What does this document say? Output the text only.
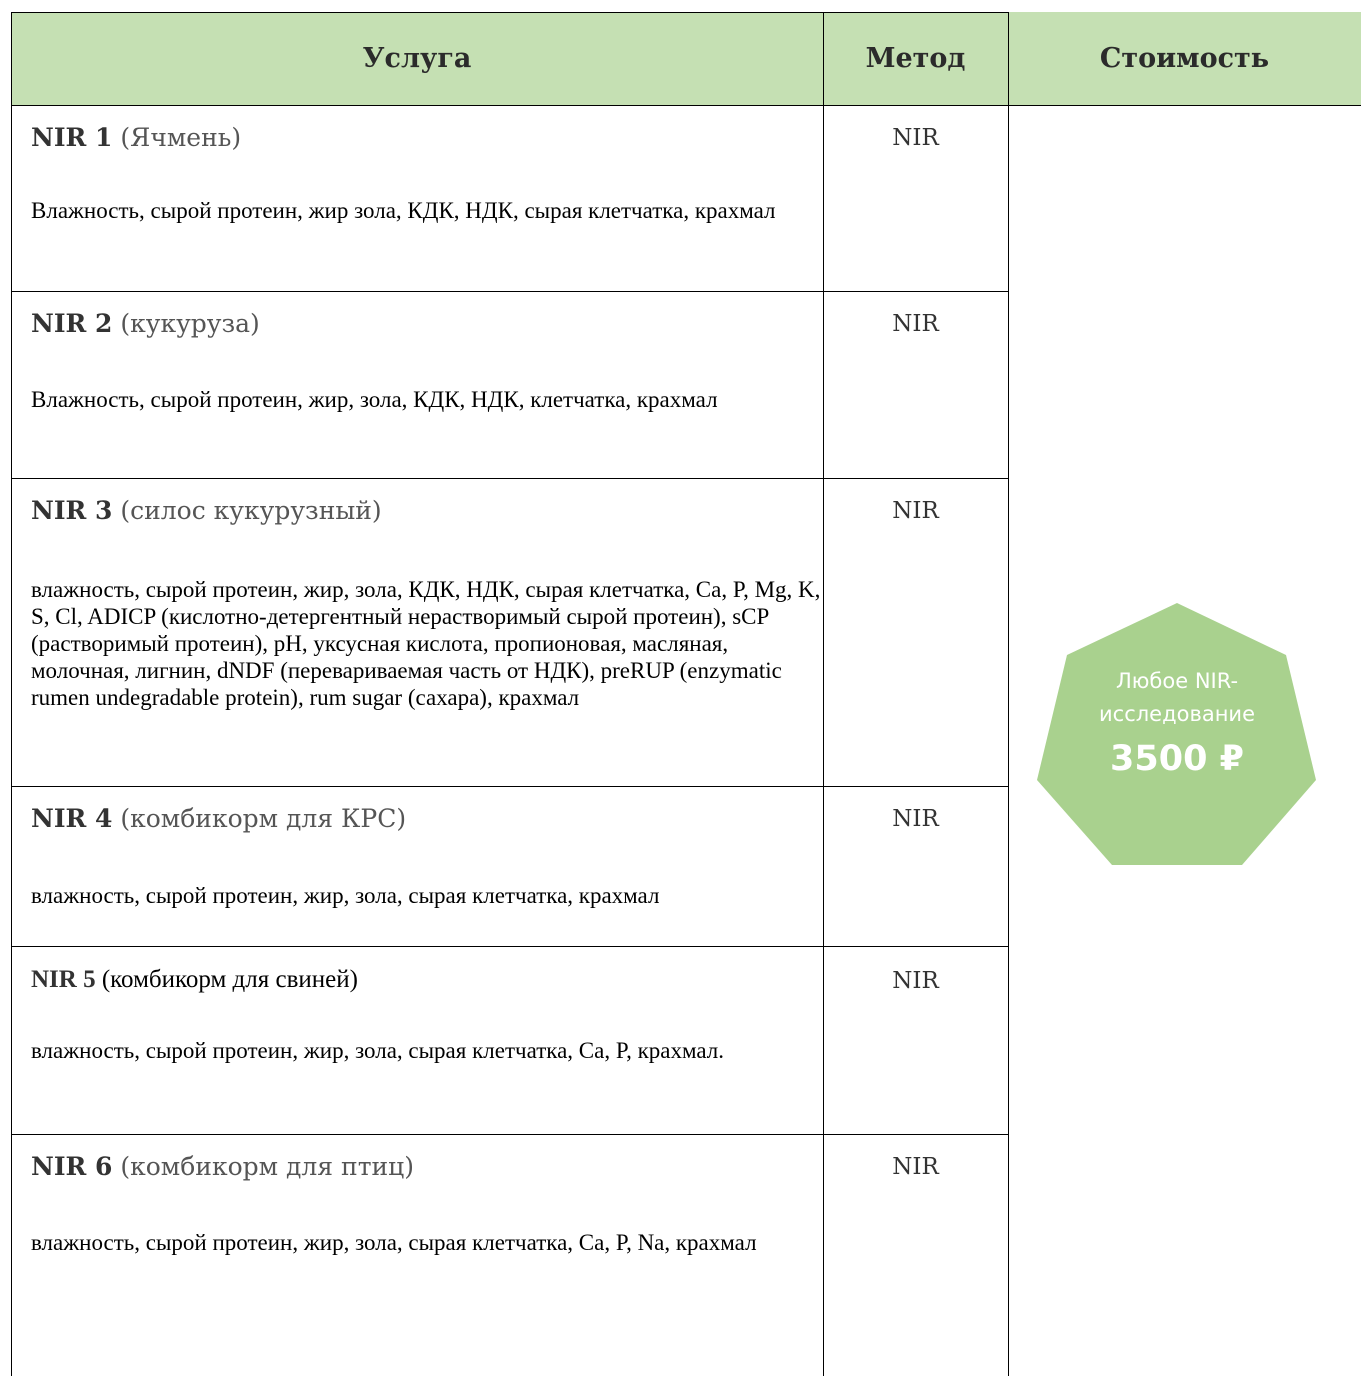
Услуга	Метод	Стоимость
NIR 1 (Ячмень)
Влажность, сырой протеин, жир зола, КДК, НДК, сырая клетчатка, крахмал
NIR
NIR 2 (кукуруза)
Влажность, сырой протеин, жир, зола, КДК, НДК, клетчатка, крахмал
NIR
NIR 3 (силос кукурузный)
влажность, сырой протеин, жир, зола, КДК, НДК, сырая клетчатка, Ca, P, Mg, K, S, Cl, ADICP (кислотно-детергентный нерастворимый сырой протеин), sCP (растворимый протеин), pH, уксусная кислота, пропионовая, масляная, молочная, лигнин, dNDF (перевариваемая часть от НДК), preRUP (enzymatic rumen undegradable protein), rum sugar (сахара), крахмал
NIR
NIR 4 (комбикорм для КРС)
влажность, сырой протеин, жир, зола, сырая клетчатка, крахмал
NIR
NIR 5 (комбикорм для свиней)
влажность, сырой протеин, жир, зола, сырая клетчатка, Ca, P, крахмал.
NIR
NIR 6 (комбикорм для птиц)
влажность, сырой протеин, жир, зола, сырая клетчатка, Ca, P, Na, крахмал
NIR
Любое NIR-
исследование
3500 ₽
